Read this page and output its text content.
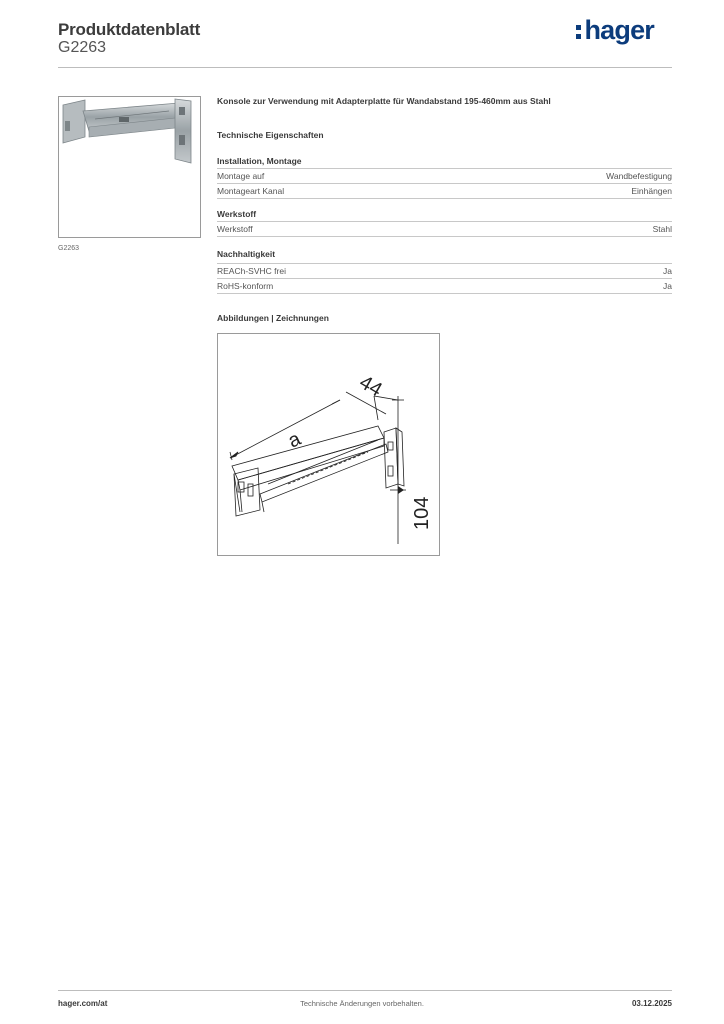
Produktdatenblatt
G2263
hager
G2263
Konsole zur Verwendung mit Adapterplatte für Wandabstand 195-460mm aus Stahl
Technische Eigenschaften
Installation, Montage
Montage auf	Wandbefestigung
Montageart Kanal	Einhängen
Werkstoff
Werkstoff	Stahl
Nachhaltigkeit
REACh-SVHC frei	Ja
RoHS-konform	Ja
Abbildungen | Zeichnungen
a
44
104
hager.com/at	Technische Änderungen vorbehalten.	03.12.2025
